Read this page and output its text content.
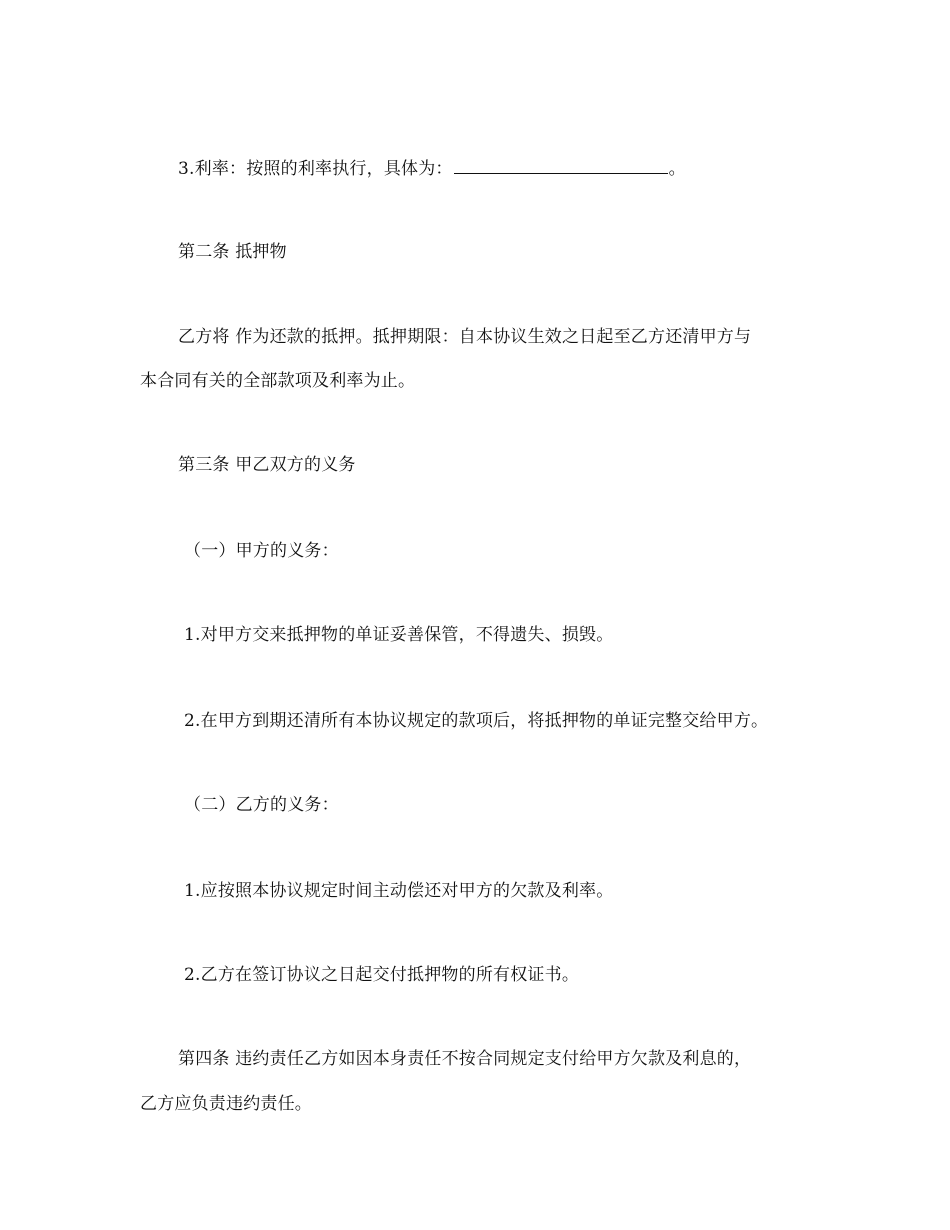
3.利率：按照的利率执行，具体为：	。
第二条 抵押物
乙方将 作为还款的抵押。抵押期限：自本协议生效之日起至乙方还清甲方与
本合同有关的全部款项及利率为止。
第三条 甲乙双方的义务
（一）甲方的义务：
1.对甲方交来抵押物的单证妥善保管，不得遗失、损毁。
2.在甲方到期还清所有本协议规定的款项后，将抵押物的单证完整交给甲方。
（二）乙方的义务：
1.应按照本协议规定时间主动偿还对甲方的欠款及利率。
2.乙方在签订协议之日起交付抵押物的所有权证书。
第四条 违约责任乙方如因本身责任不按合同规定支付给甲方欠款及利息的，
乙方应负责违约责任。
